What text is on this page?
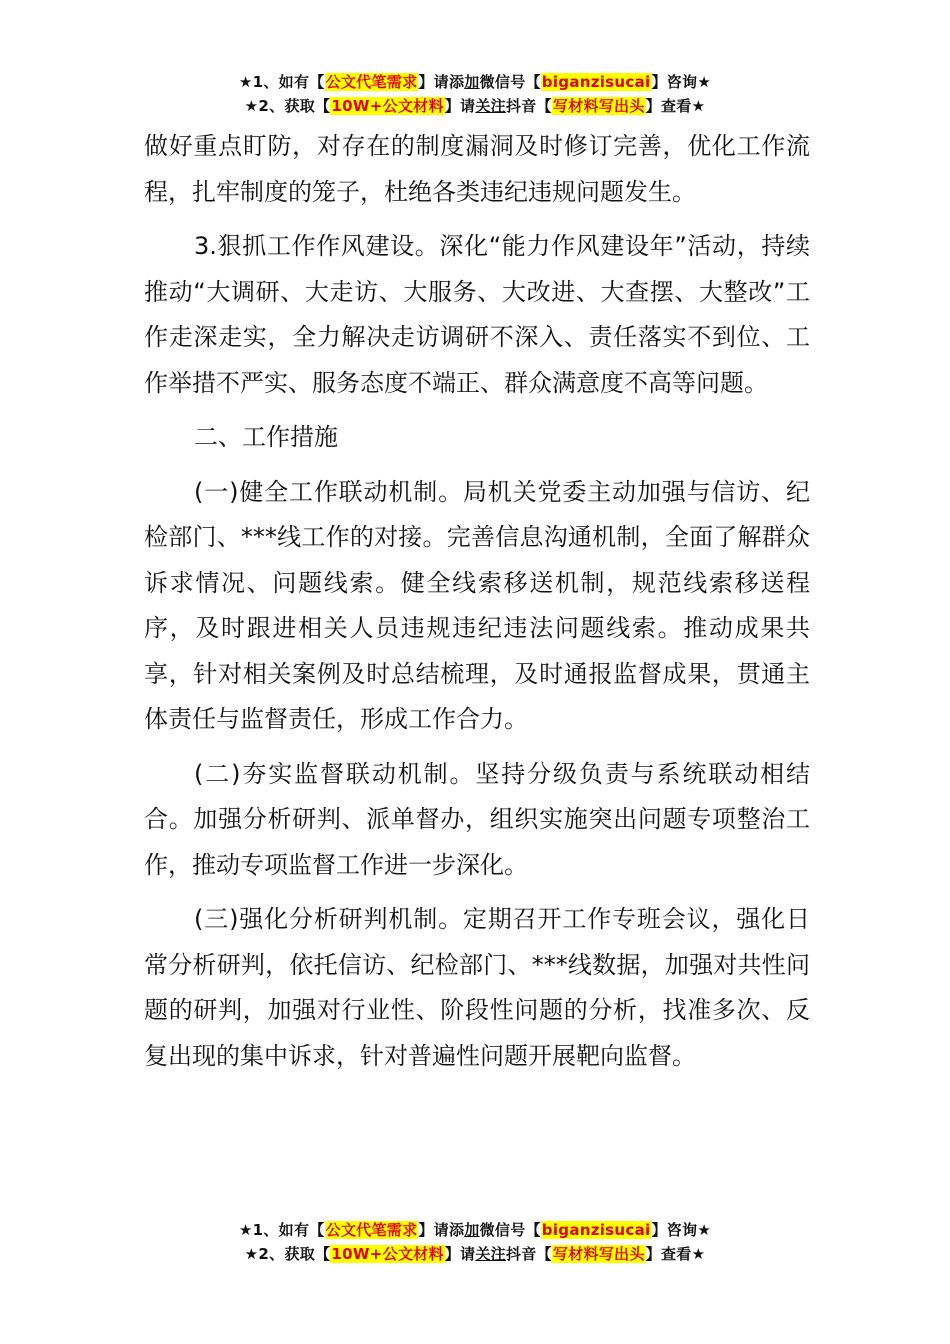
★1、如有【公文代笔需求】请添加微信号【biganzisucai】咨询★
★2、获取【10W+公文材料】请关注抖音【写材料写出头】查看★

做好重点盯防，对存在的制度漏洞及时修订完善，优化工作流程，扎牢制度的笼子，杜绝各类违纪违规问题发生。

3.狠抓工作作风建设。深化“能力作风建设年”活动，持续推动“大调研、大走访、大服务、大改进、大查摆、大整改”工作走深走实，全力解决走访调研不深入、责任落实不到位、工作举措不严实、服务态度不端正、群众满意度不高等问题。

二、工作措施

(一)健全工作联动机制。局机关党委主动加强与信访、纪检部门、***线工作的对接。完善信息沟通机制，全面了解群众诉求情况、问题线索。健全线索移送机制，规范线索移送程序，及时跟进相关人员违规违纪违法问题线索。推动成果共享，针对相关案例及时总结梳理，及时通报监督成果，贯通主体责任与监督责任，形成工作合力。

(二)夯实监督联动机制。坚持分级负责与系统联动相结合。加强分析研判、派单督办，组织实施突出问题专项整治工作，推动专项监督工作进一步深化。

(三)强化分析研判机制。定期召开工作专班会议，强化日常分析研判，依托信访、纪检部门、***线数据，加强对共性问题的研判，加强对行业性、阶段性问题的分析，找准多次、反复出现的集中诉求，针对普遍性问题开展靶向监督。

★1、如有【公文代笔需求】请添加微信号【biganzisucai】咨询★
★2、获取【10W+公文材料】请关注抖音【写材料写出头】查看★
